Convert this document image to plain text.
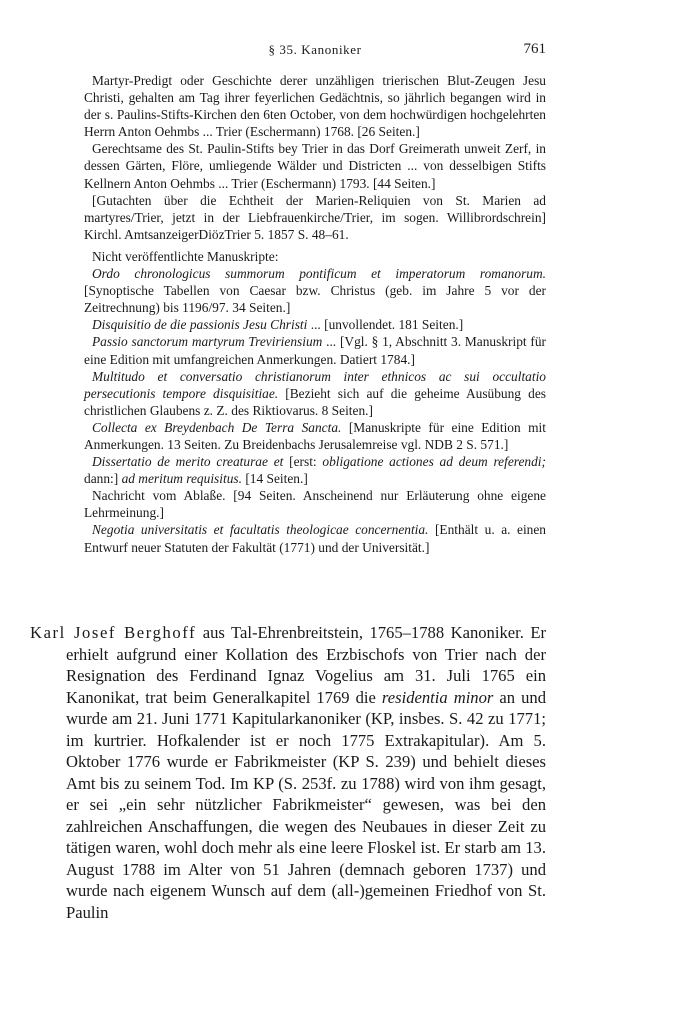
§ 35. Kanoniker	761

Martyr-Predigt oder Geschichte derer unzähligen trierischen Blut-Zeugen Jesu Christi, gehalten am Tag ihrer feyerlichen Gedächtnis, so jährlich begangen wird in der s. Paulins-Stifts-Kirchen den 6ten October, von dem hochwürdigen hochgelehrten Herrn Anton Oehmbs ... Trier (Eschermann) 1768. [26 Seiten.]

Gerechtsame des St. Paulin-Stifts bey Trier in das Dorf Greimerath unweit Zerf, in dessen Gärten, Flöre, umliegende Wälder und Districten ... von desselbigen Stifts Kellnern Anton Oehmbs ... Trier (Eschermann) 1793. [44 Seiten.]

[Gutachten über die Echtheit der Marien-Reliquien von St. Marien ad martyres/Trier, jetzt in der Liebfrauenkirche/Trier, im sogen. Willibrordschrein] Kirchl. AmtsanzeigerDiözTrier 5. 1857 S. 48–61.

Nicht veröffentlichte Manuskripte:

Ordo chronologicus summorum pontificum et imperatorum romanorum. [Synoptische Tabellen von Caesar bzw. Christus (geb. im Jahre 5 vor der Zeitrechnung) bis 1196/97. 34 Seiten.]

Disquisitio de die passionis Jesu Christi ... [unvollendet. 181 Seiten.]

Passio sanctorum martyrum Treviriensium ... [Vgl. § 1, Abschnitt 3. Manuskript für eine Edition mit umfangreichen Anmerkungen. Datiert 1784.]

Multitudo et conversatio christianorum inter ethnicos ac sui occultatio persecutionis tempore disquisitiae. [Bezieht sich auf die geheime Ausübung des christlichen Glaubens z. Z. des Riktiovarus. 8 Seiten.]

Collecta ex Breydenbach De Terra Sancta. [Manuskripte für eine Edition mit Anmerkungen. 13 Seiten. Zu Breidenbachs Jerusalemreise vgl. NDB 2 S. 571.]

Dissertatio de merito creaturae et [erst: obligatione actiones ad deum referendi; dann:] ad meritum requisitus. [14 Seiten.]

Nachricht vom Ablaße. [94 Seiten. Anscheinend nur Erläuterung ohne eigene Lehrmeinung.]

Negotia universitatis et facultatis theologicae concernentia. [Enthält u. a. einen Entwurf neuer Statuten der Fakultät (1771) und der Universität.]

Karl Josef Berghoff aus Tal-Ehrenbreitstein, 1765–1788 Kanoniker. Er erhielt aufgrund einer Kollation des Erzbischofs von Trier nach der Resignation des Ferdinand Ignaz Vogelius am 31. Juli 1765 ein Kanonikat, trat beim Generalkapitel 1769 die residentia minor an und wurde am 21. Juni 1771 Kapitularkanoniker (KP, insbes. S. 42 zu 1771; im kurtrier. Hofkalender ist er noch 1775 Extrakapitular). Am 5. Oktober 1776 wurde er Fabrikmeister (KP S. 239) und behielt dieses Amt bis zu seinem Tod. Im KP (S. 253f. zu 1788) wird von ihm gesagt, er sei „ein sehr nützlicher Fabrikmeister“ gewesen, was bei den zahlreichen Anschaffungen, die wegen des Neubaues in dieser Zeit zu tätigen waren, wohl doch mehr als eine leere Floskel ist. Er starb am 13. August 1788 im Alter von 51 Jahren (demnach geboren 1737) und wurde nach eigenem Wunsch auf dem (all-)gemeinen Friedhof von St. Paulin
